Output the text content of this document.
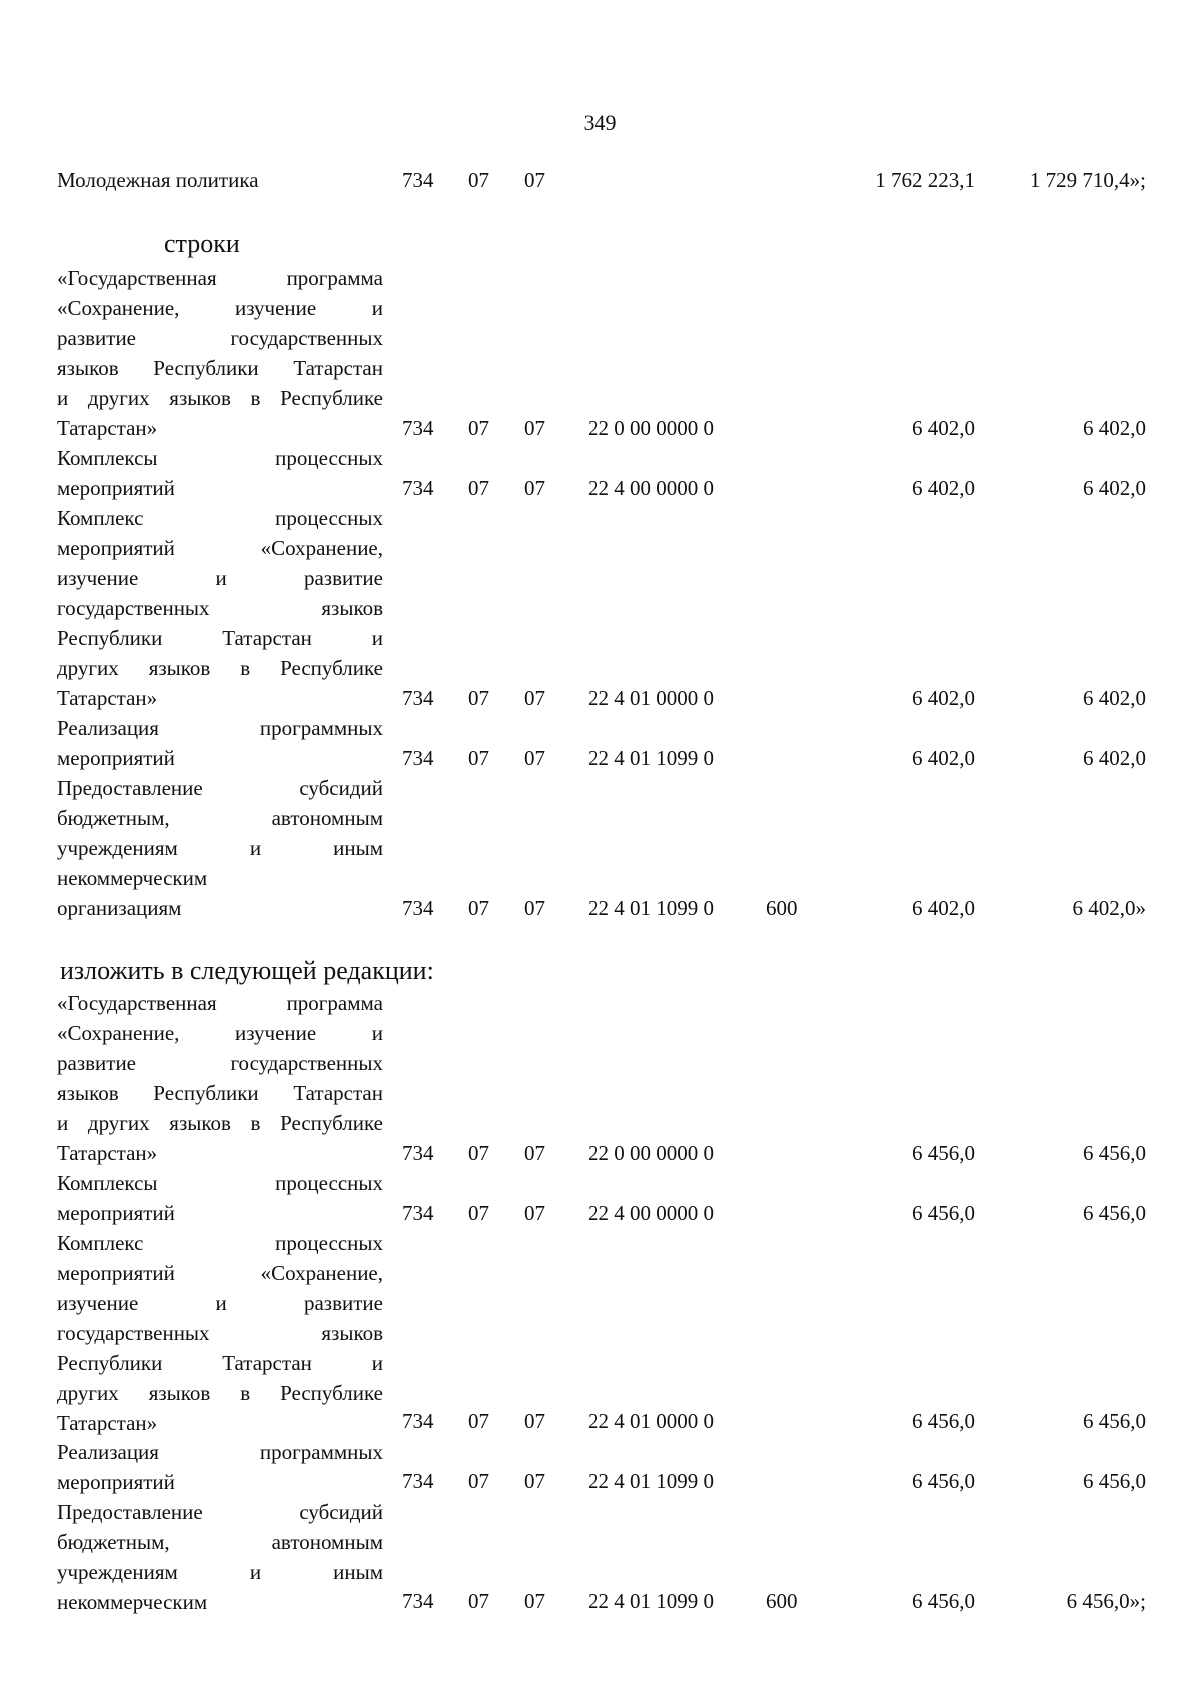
349
Молодежная политика	734 07 07	1 762 223,1	1 729 710,4»;
строки
«Государственная программа
«Сохранение, изучение и
развитие государственных
языков Республики Татарстан
и других языков в Республике
Татарстан»	734 07 07 22 0 00 0000 0	6 402,0	6 402,0
Комплексы процессных
мероприятий	734 07 07 22 4 00 0000 0	6 402,0	6 402,0
Комплекс процессных
мероприятий «Сохранение,
изучение и развитие
государственных языков
Республики Татарстан и
других языков в Республике
Татарстан»	734 07 07 22 4 01 0000 0	6 402,0	6 402,0
Реализация программных
мероприятий	734 07 07 22 4 01 1099 0	6 402,0	6 402,0
Предоставление субсидий
бюджетным, автономным
учреждениям и иным
некоммерческим
организациям	734 07 07 22 4 01 1099 0 600	6 402,0	6 402,0»
изложить в следующей редакции:
«Государственная программа
«Сохранение, изучение и
развитие государственных
языков Республики Татарстан
и других языков в Республике
Татарстан»	734 07 07 22 0 00 0000 0	6 456,0	6 456,0
Комплексы процессных
мероприятий	734 07 07 22 4 00 0000 0	6 456,0	6 456,0
Комплекс процессных
мероприятий «Сохранение,
изучение и развитие
государственных языков
Республики Татарстан и
других языков в Республике
Татарстан»	734 07 07 22 4 01 0000 0	6 456,0	6 456,0
Реализация программных
мероприятий	734 07 07 22 4 01 1099 0	6 456,0	6 456,0
Предоставление субсидий
бюджетным, автономным
учреждениям и иным
некоммерческим	734 07 07 22 4 01 1099 0 600	6 456,0	6 456,0»;
